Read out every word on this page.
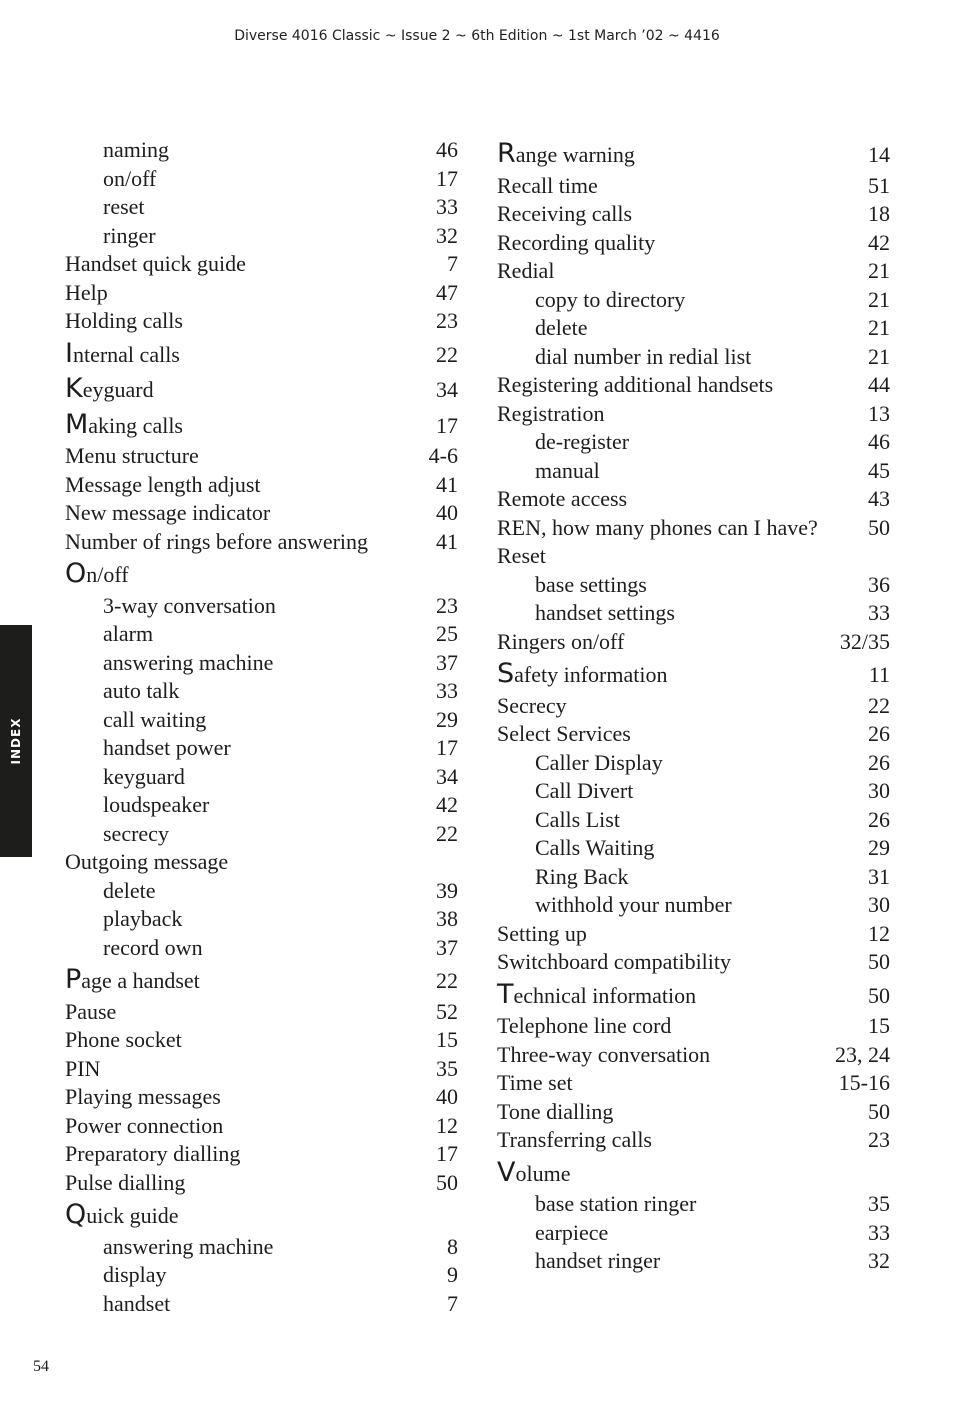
Diverse 4016 Classic ~ Issue 2 ~ 6th Edition ~ 1st March ’02 ~ 4416
INDEX
naming	46
on/off	17
reset	33
ringer	32
Handset quick guide	7
Help	47
Holding calls	23
Internal calls	22
Keyguard	34
Making calls	17
Menu structure	4-6
Message length adjust	41
New message indicator	40
Number of rings before answering	41
On/off
3-way conversation	23
alarm	25
answering machine	37
auto talk	33
call waiting	29
handset power	17
keyguard	34
loudspeaker	42
secrecy	22
Outgoing message
delete	39
playback	38
record own	37
Page a handset	22
Pause	52
Phone socket	15
PIN	35
Playing messages	40
Power connection	12
Preparatory dialling	17
Pulse dialling	50
Quick guide
answering machine	8
display	9
handset	7
Range warning	14
Recall time	51
Receiving calls	18
Recording quality	42
Redial	21
copy to directory	21
delete	21
dial number in redial list	21
Registering additional handsets	44
Registration	13
de-register	46
manual	45
Remote access	43
REN, how many phones can I have? 50
Reset
base settings	36
handset settings	33
Ringers on/off	32/35
Safety information	11
Secrecy	22
Select Services	26
Caller Display	26
Call Divert	30
Calls List	26
Calls Waiting	29
Ring Back	31
withhold your number	30
Setting up	12
Switchboard compatibility	50
Technical information	50
Telephone line cord	15
Three-way conversation	23, 24
Time set	15-16
Tone dialling	50
Transferring calls	23
Volume
base station ringer	35
earpiece	33
handset ringer	32
54
